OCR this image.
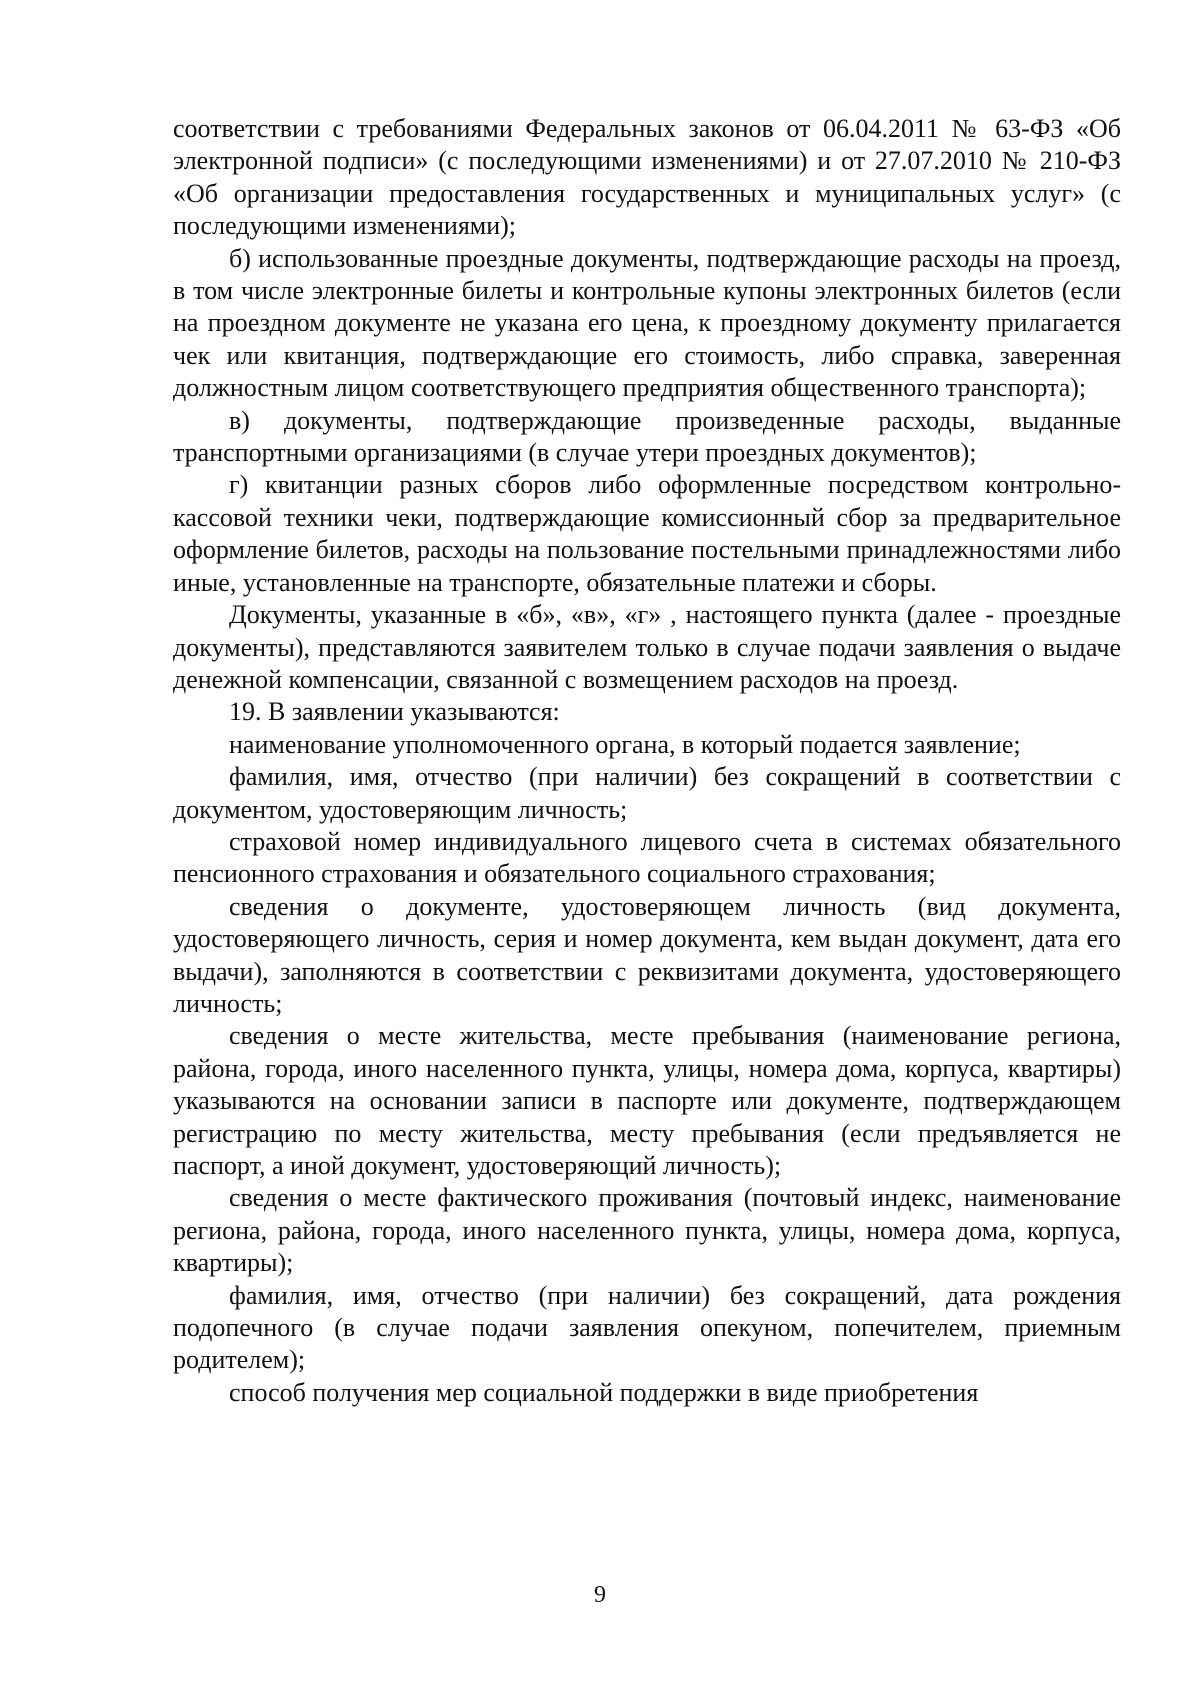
соответствии с требованиями Федеральных законов от 06.04.2011 № 63-ФЗ «Об электронной подписи» (с последующими изменениями) и от 27.07.2010 № 210-ФЗ «Об организации предоставления государственных и муниципальных услуг» (с последующими изменениями);

б) использованные проездные документы, подтверждающие расходы на проезд, в том числе электронные билеты и контрольные купоны электронных билетов (если на проездном документе не указана его цена, к проездному документу прилагается чек или квитанция, подтверждающие его стоимость, либо справка, заверенная должностным лицом соответствующего предприятия общественного транспорта);

в) документы, подтверждающие произведенные расходы, выданные транспортными организациями (в случае утери проездных документов);

г) квитанции разных сборов либо оформленные посредством контрольно-кассовой техники чеки, подтверждающие комиссионный сбор за предварительное оформление билетов, расходы на пользование постельными принадлежностями либо иные, установленные на транспорте, обязательные платежи и сборы.

Документы, указанные в «б», «в», «г» , настоящего пункта (далее - проездные документы), представляются заявителем только в случае подачи заявления о выдаче денежной компенсации, связанной с возмещением расходов на проезд.

19. В заявлении указываются:

наименование уполномоченного органа, в который подается заявление;

фамилия, имя, отчество (при наличии) без сокращений в соответствии с документом, удостоверяющим личность;

страховой номер индивидуального лицевого счета в системах обязательного пенсионного страхования и обязательного социального страхования;

сведения о документе, удостоверяющем личность (вид документа, удостоверяющего личность, серия и номер документа, кем выдан документ, дата его выдачи), заполняются в соответствии с реквизитами документа, удостоверяющего личность;

сведения о месте жительства, месте пребывания (наименование региона, района, города, иного населенного пункта, улицы, номера дома, корпуса, квартиры) указываются на основании записи в паспорте или документе, подтверждающем регистрацию по месту жительства, месту пребывания (если предъявляется не паспорт, а иной документ, удостоверяющий личность);

сведения о месте фактического проживания (почтовый индекс, наименование региона, района, города, иного населенного пункта, улицы, номера дома, корпуса, квартиры);

фамилия, имя, отчество (при наличии) без сокращений, дата рождения подопечного (в случае подачи заявления опекуном, попечителем, приемным родителем);

способ получения мер социальной поддержки в виде приобретения

9
